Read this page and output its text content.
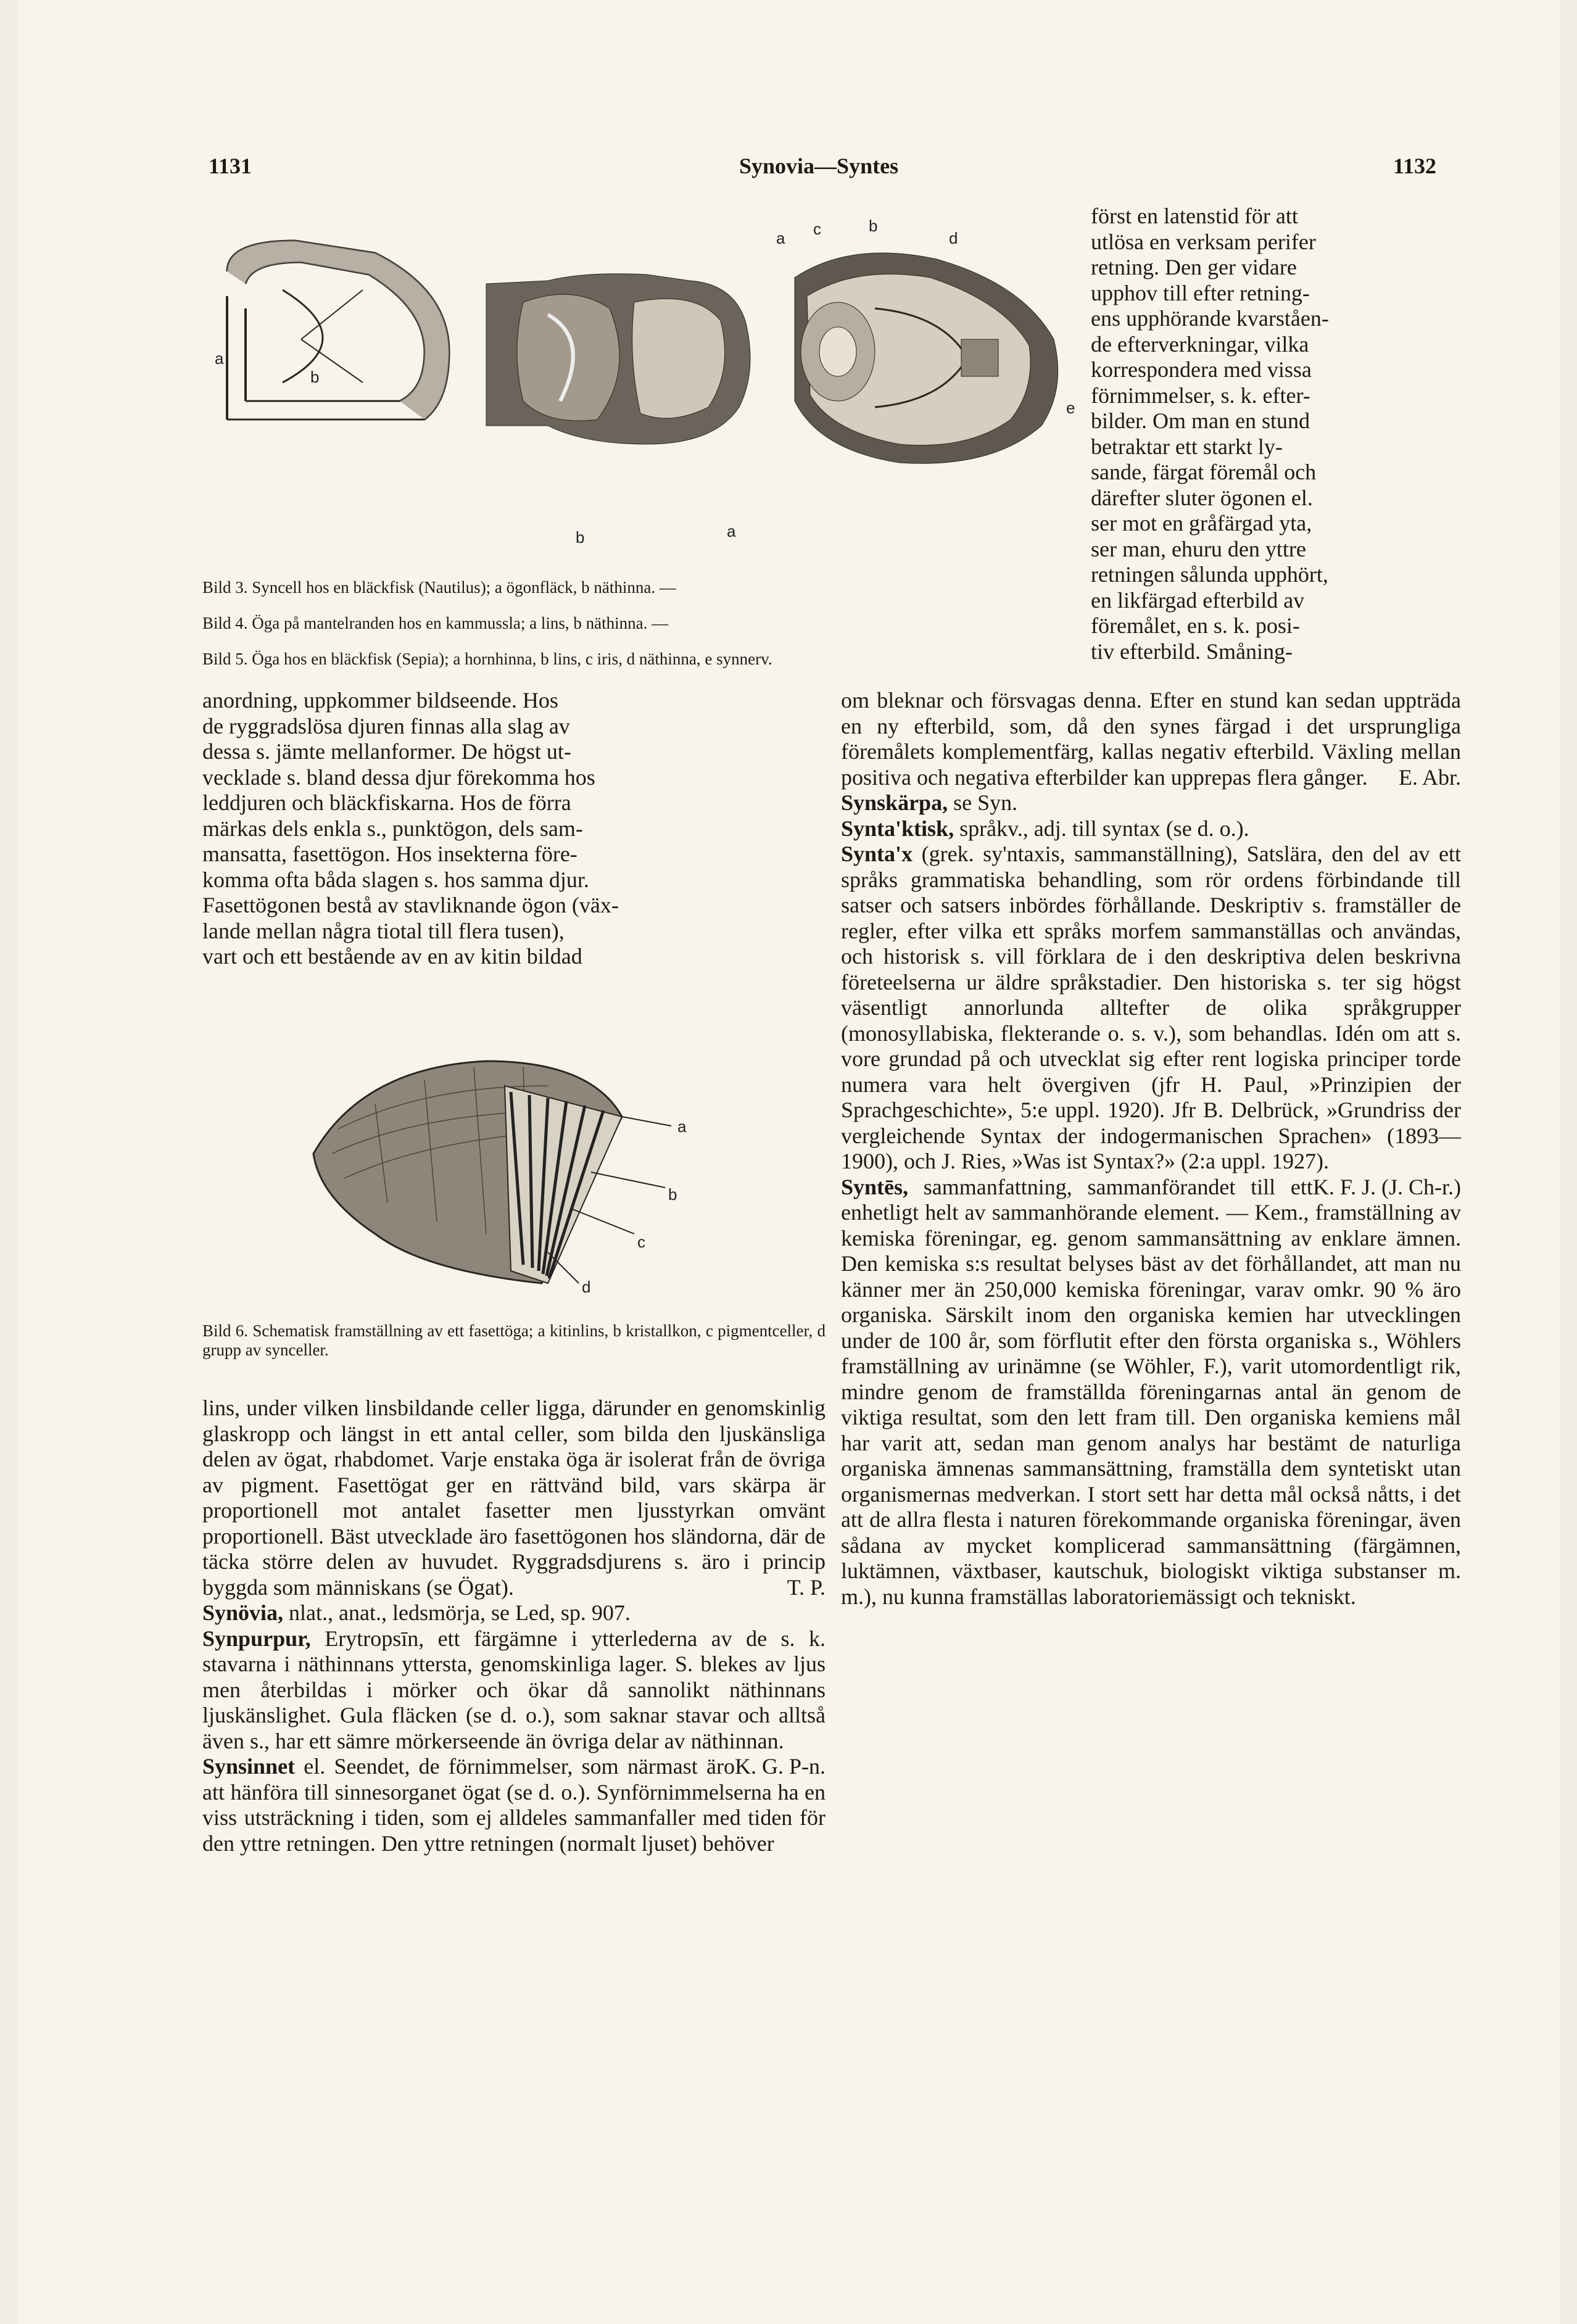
1131	Synovia—Syntes	1132
a
b
b	a
a c	b
d
e

Bild 3. Syncell hos en bläckfisk (Nautilus); a ögonfläck, b näthinna. —

Bild 4. Öga på mantelranden hos en kammussla; a lins, b näthinna. —

Bild 5. Öga hos en bläckfisk (Sepia); a hornhinna, b lins, c iris, d näthinna, e synnerv.

först en latenstid för att

utlösa en verksam perifer

retning. Den ger vidare

upphov till efter retning-

ens upphörande kvarståen-

de efterverkningar, vilka

korrespondera med vissa

förnimmelser, s. k. efter-

bilder. Om man en stund

betraktar ett starkt ly-

sande, färgat föremål och

därefter sluter ögonen el.

ser mot en gråfärgad yta,

ser man, ehuru den yttre

retningen sålunda upphört,

en likfärgad efterbild av

föremålet, en s. k. posi-

tiv efterbild. Småning-

anordning, uppkommer bildseende. Hos

de ryggradslösa djuren finnas alla slag av

dessa s. jämte mellanformer. De högst ut-

vecklade s. bland dessa djur förekomma hos

leddjuren och bläckfiskarna. Hos de förra

märkas dels enkla s., punktögon, dels sam-

mansatta, fasettögon. Hos insekterna före-

komma ofta båda slagen s. hos samma djur.

Fasettögonen bestå av stavliknande ögon (väx-

lande mellan några tiotal till flera tusen),

vart och ett bestående av en av kitin bildad

a
b
c
d

Bild 6. Schematisk framställning av ett fasettöga; a kitinlins, b kristallkon, c pigmentceller, d grupp av synceller.

lins, under vilken linsbildande celler ligga, därunder en genomskinlig glaskropp och längst in ett antal celler, som bilda den ljuskänsliga delen av ögat, rhabdomet. Varje enstaka öga är isolerat från de övriga av pigment. Fasettögat ger en rättvänd bild, vars skärpa är proportionell mot antalet fasetter men ljusstyrkan omvänt proportionell. Bäst utvecklade äro fasettögonen hos sländorna, där de täcka större delen av huvudet. Ryggradsdjurens s. äro i princip byggda som människans (se Ögat).	T. P.

Synövia, nlat., anat., ledsmörja, se Led, sp. 907.

Synpurpur, Erytropsīn, ett färgämne i ytterlederna av de s. k. stavarna i näthinnans yttersta, genomskinliga lager. S. blekes av ljus men återbildas i mörker och ökar då sannolikt näthinnans ljuskänslighet. Gula fläcken (se d. o.), som saknar stavar och alltså även s., har ett sämre mörkerseende än övriga delar av näthinnan.
K. G. P-n.

Synsinnet el. Seendet, de förnimmelser, som närmast äro att hänföra till sinnesorganet ögat (se d. o.). Synförnimmelserna ha en viss utsträckning i tiden, som ej alldeles sammanfaller med tiden för den yttre retningen. Den yttre retningen (normalt ljuset) behöver

om bleknar och försvagas denna. Efter en stund kan sedan uppträda en ny efterbild, som, då den synes färgad i det ursprungliga föremålets komplementfärg, kallas negativ efterbild. Växling mellan positiva och negativa efterbilder kan upprepas flera gånger. E. Abr.

Synskärpa, se Syn.

Synta'ktisk, språkv., adj. till syntax (se d. o.).

Synta'x (grek. sy'ntaxis, sammanställning), Satslära, den del av ett språks grammatiska behandling, som rör ordens förbindande till satser och satsers inbördes förhållande. Deskriptiv s. framställer de regler, efter vilka ett språks morfem sammanställas och användas, och historisk s. vill förklara de i den deskriptiva delen beskrivna företeelserna ur äldre språkstadier. Den historiska s. ter sig högst väsentligt annorlunda alltefter de olika språkgrupper (monosyllabiska, flekterande o. s. v.), som behandlas. Idén om att s. vore grundad på och utvecklat sig efter rent logiska principer torde numera vara helt övergiven (jfr H. Paul, »Prinzipien der Sprachgeschichte», 5:e uppl. 1920). Jfr B. Delbrück, »Grundriss der vergleichende Syntax der indogermanischen Sprachen» (1893—1900), och J. Ries, »Was ist Syntax?» (2:a uppl. 1927).
K. F. J. (J. Ch-r.)

Syntēs, sammanfattning, sammanförandet till ett enhetligt helt av sammanhörande element. — Kem., framställning av kemiska föreningar, eg. genom sammansättning av enklare ämnen. Den kemiska s:s resultat belyses bäst av det förhållandet, att man nu känner mer än 250,000 kemiska föreningar, varav omkr. 90 % äro organiska. Särskilt inom den organiska kemien har utvecklingen under de 100 år, som förflutit efter den första organiska s., Wöhlers framställning av urinämne (se Wöhler, F.), varit utomordentligt rik, mindre genom de framställda föreningarnas antal än genom de viktiga resultat, som den lett fram till. Den organiska kemiens mål har varit att, sedan man genom analys har bestämt de naturliga organiska ämnenas sammansättning, framställa dem syntetiskt utan organismernas medverkan. I stort sett har detta mål också nåtts, i det att de allra flesta i naturen förekommande organiska föreningar, även sådana av mycket komplicerad sammansättning (färgämnen, luktämnen, växtbaser, kautschuk, biologiskt viktiga substanser m. m.), nu kunna framställas laboratoriemässigt och tekniskt.
